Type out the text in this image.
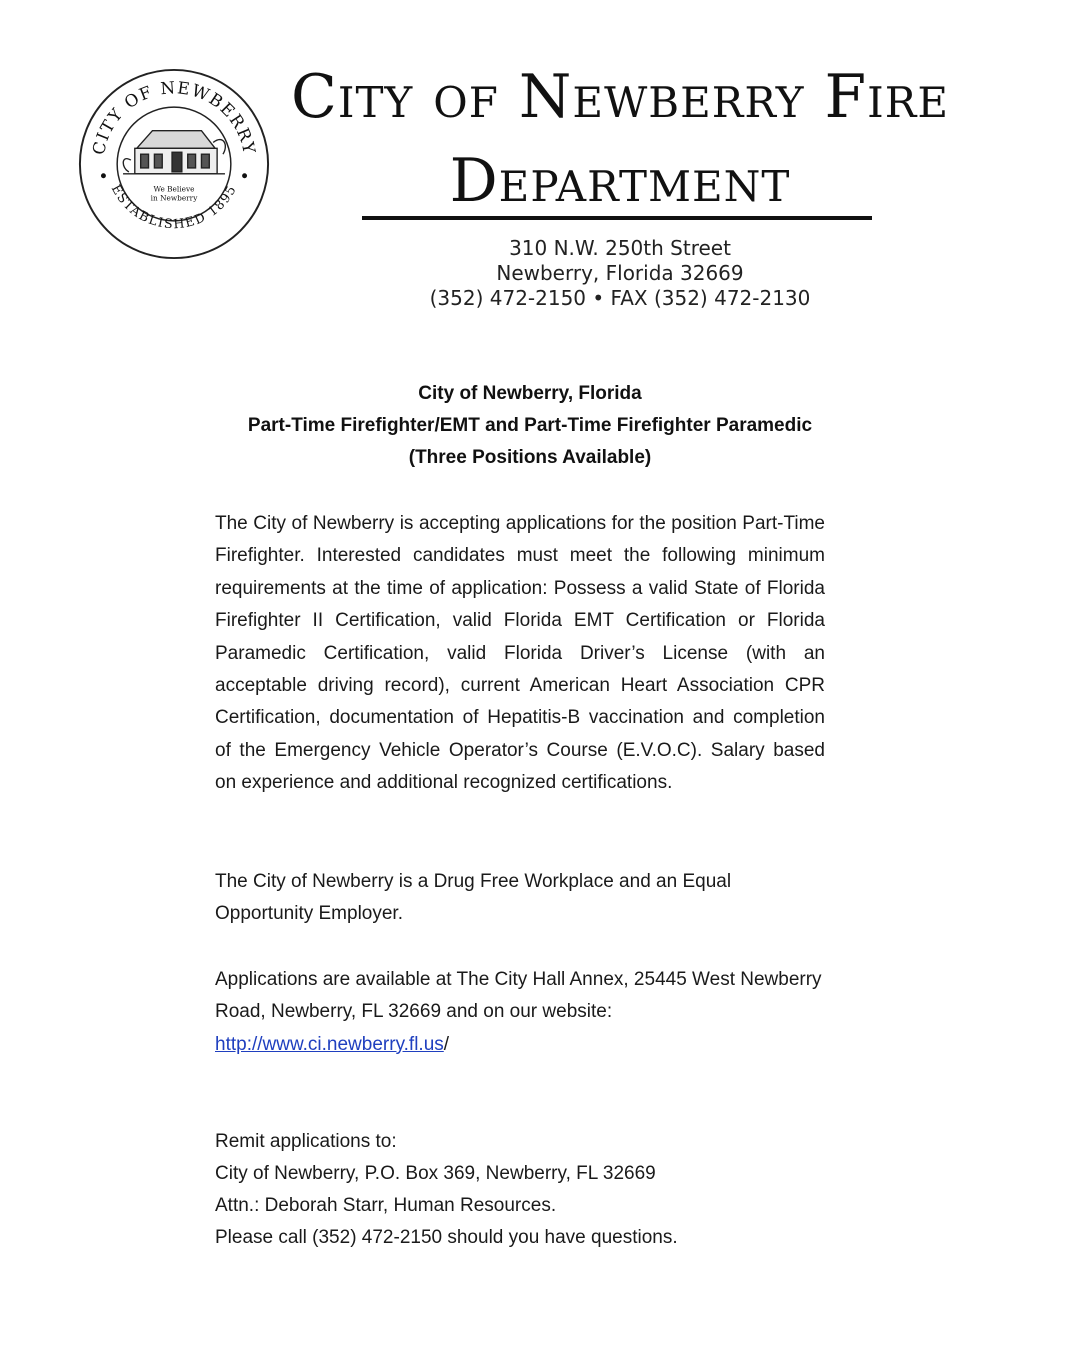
CITY OF NEWBERRY
ESTABLISHED 1895
We Believe
in Newberry
City of Newberry Fire
Department
310 N.W. 250th Street
Newberry, Florida 32669
(352) 472-2150 • FAX (352) 472-2130
City of Newberry, Florida
Part-Time Firefighter/EMT and Part-Time Firefighter Paramedic
(Three Positions Available)

The City of Newberry is accepting applications for the position Part-Time Firefighter. Interested candidates must meet the following minimum requirements at the time of application: Possess a valid State of Florida Firefighter II Certification, valid Florida EMT Certification or Florida Paramedic Certification, valid Florida Driver’s License (with an acceptable driving record), current American Heart Association CPR Certification, documentation of Hepatitis-B vaccination and completion of the Emergency Vehicle Operator’s Course (E.V.O.C). Salary based on experience and additional recognized certifications.

The City of Newberry is a Drug Free Workplace and an Equal Opportunity Employer.

Applications are available at The City Hall Annex, 25445 West Newberry Road, Newberry, FL 32669 and on our website: http://www.ci.newberry.fl.us/

Remit applications to:
City of Newberry, P.O. Box 369, Newberry, FL 32669
Attn.: Deborah Starr, Human Resources.
Please call (352) 472-2150 should you have questions.
